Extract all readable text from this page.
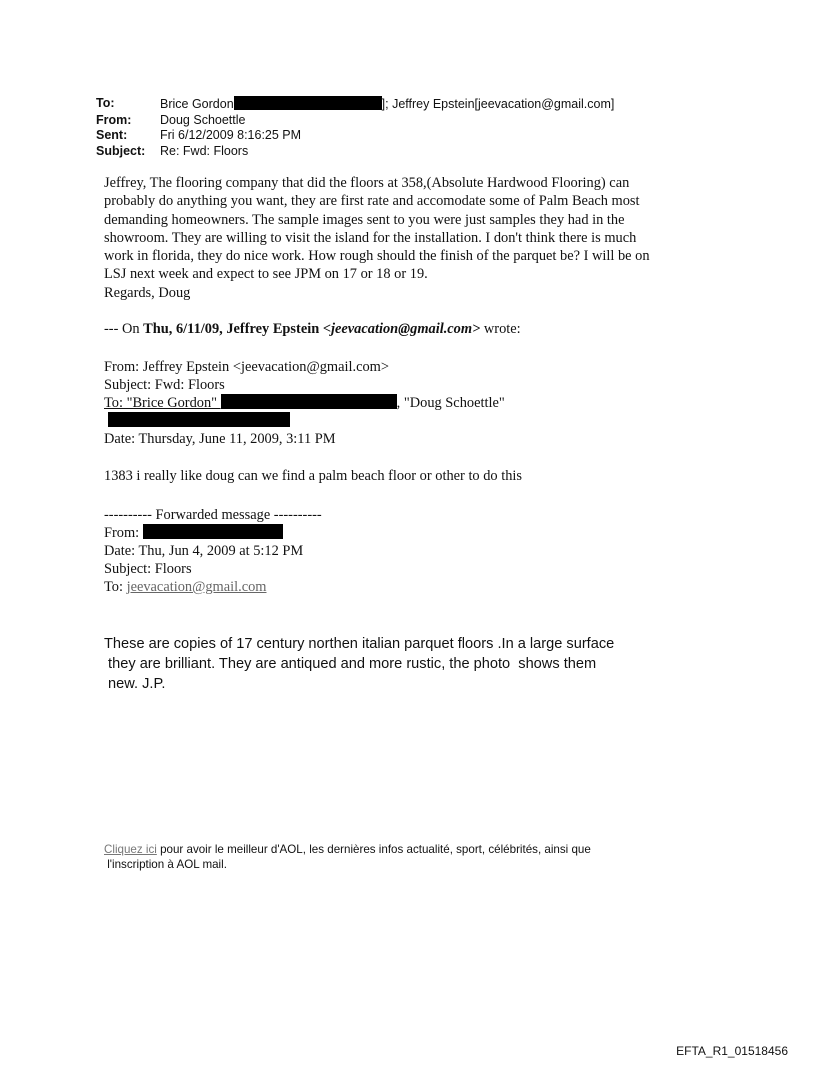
To:	Brice Gordon	]; Jeffrey Epstein[jeevacation@gmail.com]
From:	Doug Schoettle
Sent:	Fri 6/12/2009 8:16:25 PM
Subject:	Re: Fwd: Floors
Jeffrey, The flooring company that did the floors at 358,(Absolute Hardwood Flooring) can
probably do anything you want, they are first rate and accomodate some of Palm Beach most
demanding homeowners. The sample images sent to you were just samples they had in the
showroom. They are willing to visit the island for the installation. I don't think there is much
work in florida, they do nice work. How rough should the finish of the parquet be? I will be on
LSJ next week and expect to see JPM on 17 or 18 or 19.
Regards, Doug
--- On Thu, 6/11/09, Jeffrey Epstein <jeevacation@gmail.com> wrote:
From: Jeffrey Epstein <jeevacation@gmail.com>
Subject: Fwd: Floors
To: "Brice Gordon"	, "Doug Schoettle"
Date: Thursday, June 11, 2009, 3:11 PM
1383 i really like doug can we find a palm beach floor or other to do this
---------- Forwarded message ----------
From:
Date: Thu, Jun 4, 2009 at 5:12 PM
Subject: Floors
To: jeevacation@gmail.com
These are copies of 17 century northen italian parquet floors .In a large surface
they are brilliant. They are antiqued and more rustic, the photo  shows them
new. J.P.
Cliquez ici pour avoir le meilleur d'AOL, les dernières infos actualité, sport, célébrités, ainsi que
l'inscription à AOL mail.
EFTA_R1_01518456
